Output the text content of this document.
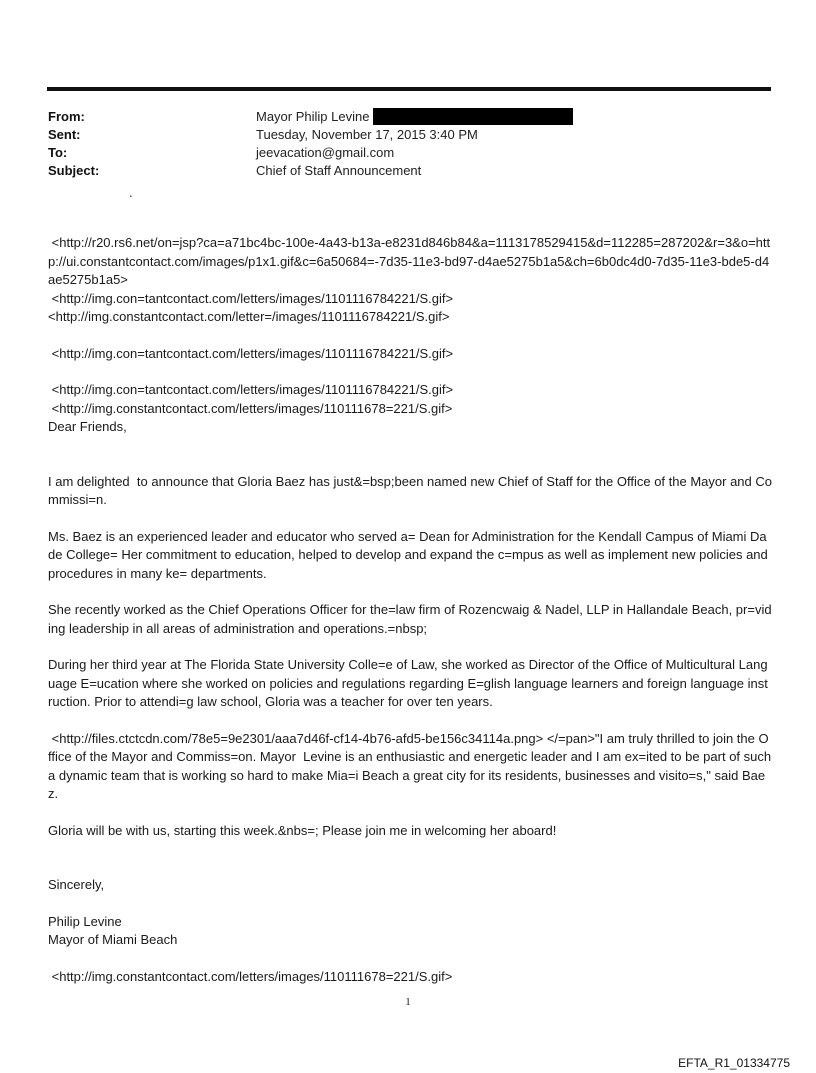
From:	Mayor Philip Levine
Sent:	Tuesday, November 17, 2015 3:40 PM
To:	jeevacation@gmail.com
Subject:	Chief of Staff Announcement
.

<http://r20.rs6.net/on=jsp?ca=a71bc4bc-100e-4a43-b13a-e8231d846b84&a=1113178529415&d=112285=287202&r=3&o=http://ui.constantcontact.com/images/p1x1.gif&c=6a50684=-7d35-11e3-bd97-d4ae5275b1a5&ch=6b0dc4d0-7d35-11e3-bde5-d4ae5275b1a5>

<http://img.con=tantcontact.com/letters/images/1101116784221/S.gif>

<http://img.constantcontact.com/letter=/images/1101116784221/S.gif>

<http://img.con=tantcontact.com/letters/images/1101116784221/S.gif>

<http://img.con=tantcontact.com/letters/images/1101116784221/S.gif>

<http://img.constantcontact.com/letters/images/110111678=221/S.gif>

Dear Friends,

I am delighted  to announce that Gloria Baez has just&=bsp;been named new Chief of Staff for the Office of the Mayor and Commissi=n.

Ms. Baez is an experienced leader and educator who served a= Dean for Administration for the Kendall Campus of Miami Dade College= Her commitment to education, helped to develop and expand the c=mpus as well as implement new policies and procedures in many ke= departments.

She recently worked as the Chief Operations Officer for the=law firm of Rozencwaig & Nadel, LLP in Hallandale Beach, pr=viding leadership in all areas of administration and operations.=nbsp;

During her third year at The Florida State University Colle=e of Law, she worked as Director of the Office of Multicultural Language E=ucation where she worked on policies and regulations regarding E=glish language learners and foreign language instruction. Prior to attendi=g law school, Gloria was a teacher for over ten years.

<http://files.ctctcdn.com/78e5=9e2301/aaa7d46f-cf14-4b76-afd5-be156c34114a.png> </=pan>"I am truly thrilled to join the Office of the Mayor and Commiss=on. Mayor  Levine is an enthusiastic and energetic leader and I am ex=ited to be part of such a dynamic team that is working so hard to make Mia=i Beach a great city for its residents, businesses and visito=s," said Baez.

Gloria will be with us, starting this week.&nbs=; Please join me in welcoming her aboard!

Sincerely,

Philip Levine

Mayor of Miami Beach

<http://img.constantcontact.com/letters/images/110111678=221/S.gif>

1
EFTA_R1_01334775
